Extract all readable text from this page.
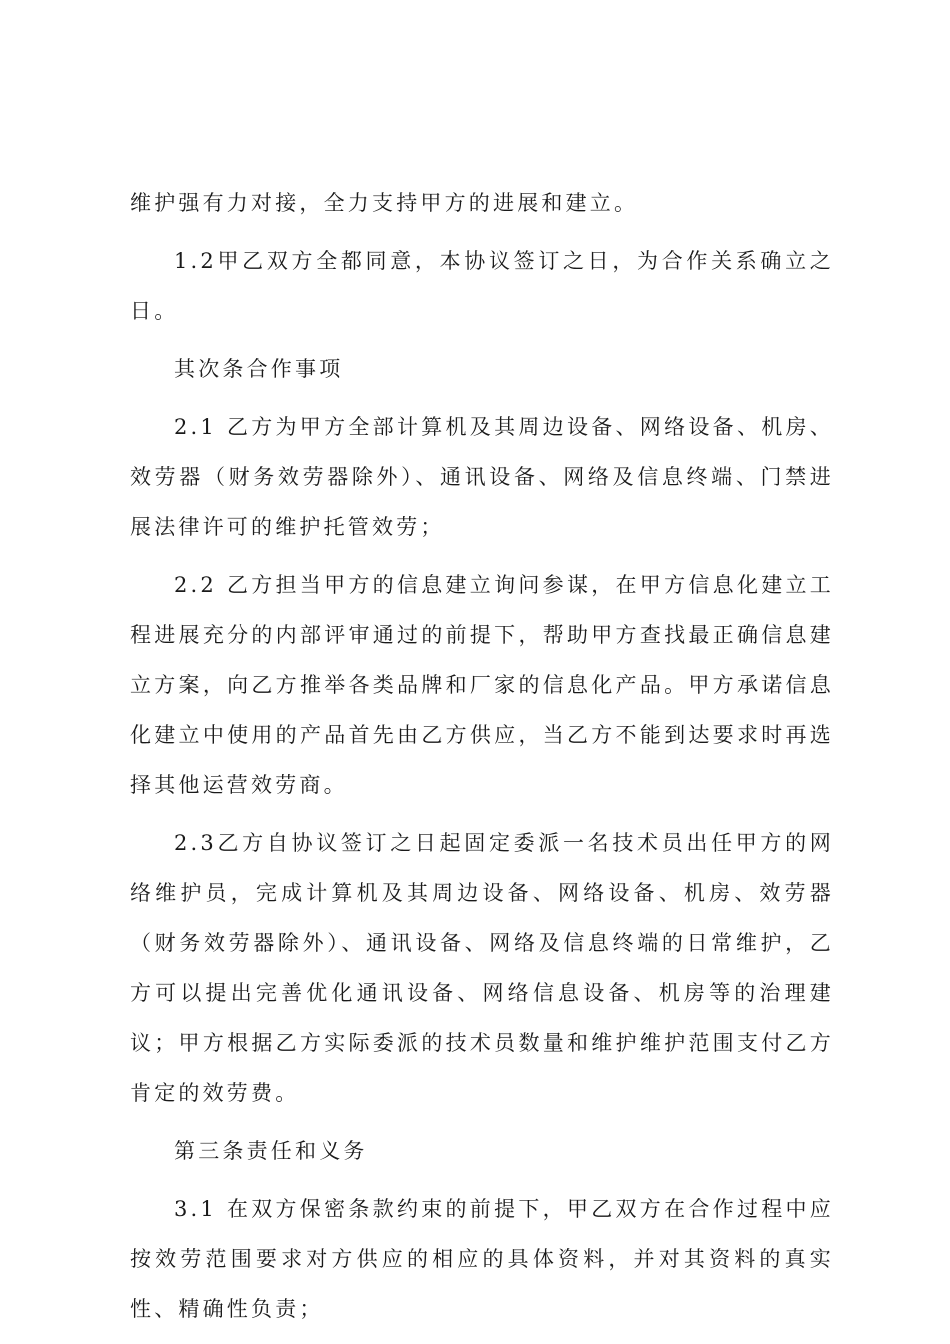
维护强有力对接，全力支持甲方的进展和建立。

1.2甲乙双方全都同意，本协议签订之日，为合作关系确立之日。

其次条合作事项

2.1 乙方为甲方全部计算机及其周边设备、网络设备、机房、效劳器（财务效劳器除外）、通讯设备、网络及信息终端、门禁进展法律许可的维护托管效劳；

2.2 乙方担当甲方的信息建立询问参谋，在甲方信息化建立工程进展充分的内部评审通过的前提下，帮助甲方查找最正确信息建立方案，向乙方推举各类品牌和厂家的信息化产品。甲方承诺信息化建立中使用的产品首先由乙方供应，当乙方不能到达要求时再选择其他运营效劳商。

2.3乙方自协议签订之日起固定委派一名技术员出任甲方的网络维护员，完成计算机及其周边设备、网络设备、机房、效劳器（财务效劳器除外）、通讯设备、网络及信息终端的日常维护，乙方可以提出完善优化通讯设备、网络信息设备、机房等的治理建议；甲方根据乙方实际委派的技术员数量和维护维护范围支付乙方肯定的效劳费。

第三条责任和义务

3.1 在双方保密条款约束的前提下，甲乙双方在合作过程中应按效劳范围要求对方供应的相应的具体资料，并对其资料的真实性、精确性负责；
